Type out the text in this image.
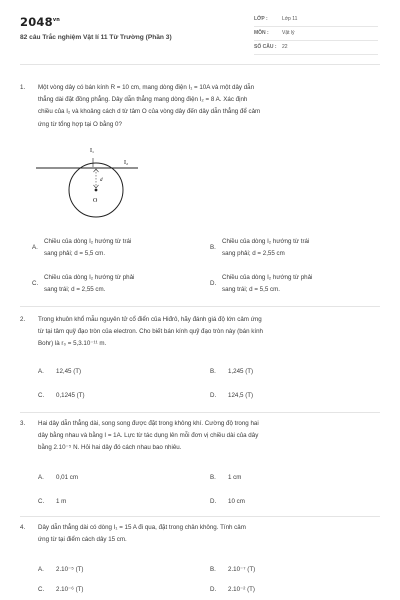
$2048^{vn}$
82 câu Trắc nghiệm Vật lí 11 Từ Trường (Phần 3)
LỚP :	Lớp 11
MÔN :	Vật lý
SỐ CÂU : 22
1. Một vòng dây có bán kính R = 10 cm, mang dòng điện I₁ = 10A và một dây dẫn
thẳng dài đặt đồng phẳng. Dây dẫn thẳng mang dòng điện I₂ = 8 A. Xác định
chiều của I₂ và khoảng cách d từ tâm O của vòng dây đến dây dẫn thẳng để cảm
ứng từ tổng hợp tại O bằng 0?
I₁
I₂
d
O
A.
Chiều của dòng I₂ hướng từ trái
sang phải; d = 5,5 cm.
B.
Chiều của dòng I₂ hướng từ trái
sang phải; d = 2,55 cm
C.
Chiều của dòng I₂ hướng từ phải
sang trái; d = 2,55 cm.
D.
Chiều của dòng I₂ hướng từ phải
sang trái; d = 5,5 cm.
2. Trong khuôn khổ mẫu nguyên tử cổ điển của Hiđrô, hãy đánh giá độ lớn cảm ứng
từ tại tâm quỹ đạo tròn của electron. Cho biết bán kính quỹ đạo tròn này (bán kính
Bohr) là r₀ = 5,3.10⁻¹¹ m.
A. 12,45 (T)	B. 1,245 (T)
C. 0,1245 (T)	D. 124,5 (T)
3. Hai dây dẫn thẳng dài, song song được đặt trong không khí. Cường độ trong hai
dây bằng nhau và bằng I = 1A. Lực từ tác dụng lên mỗi đơn vị chiều dài của dây
bằng 2.10⁻⁵ N. Hỏi hai dây đó cách nhau bao nhiêu.
A. 0,01 cm	B. 1 cm
C. 1 m	D. 10 cm
4. Dây dẫn thẳng dài có dòng I₁ = 15 A đi qua, đặt trong chân không. Tính cảm
ứng từ tại điểm cách dây 15 cm.
A. 2.10⁻⁵ (T)	B. 2.10⁻⁷ (T)
C. 2.10⁻⁶ (T)	D. 2.10⁻² (T)
